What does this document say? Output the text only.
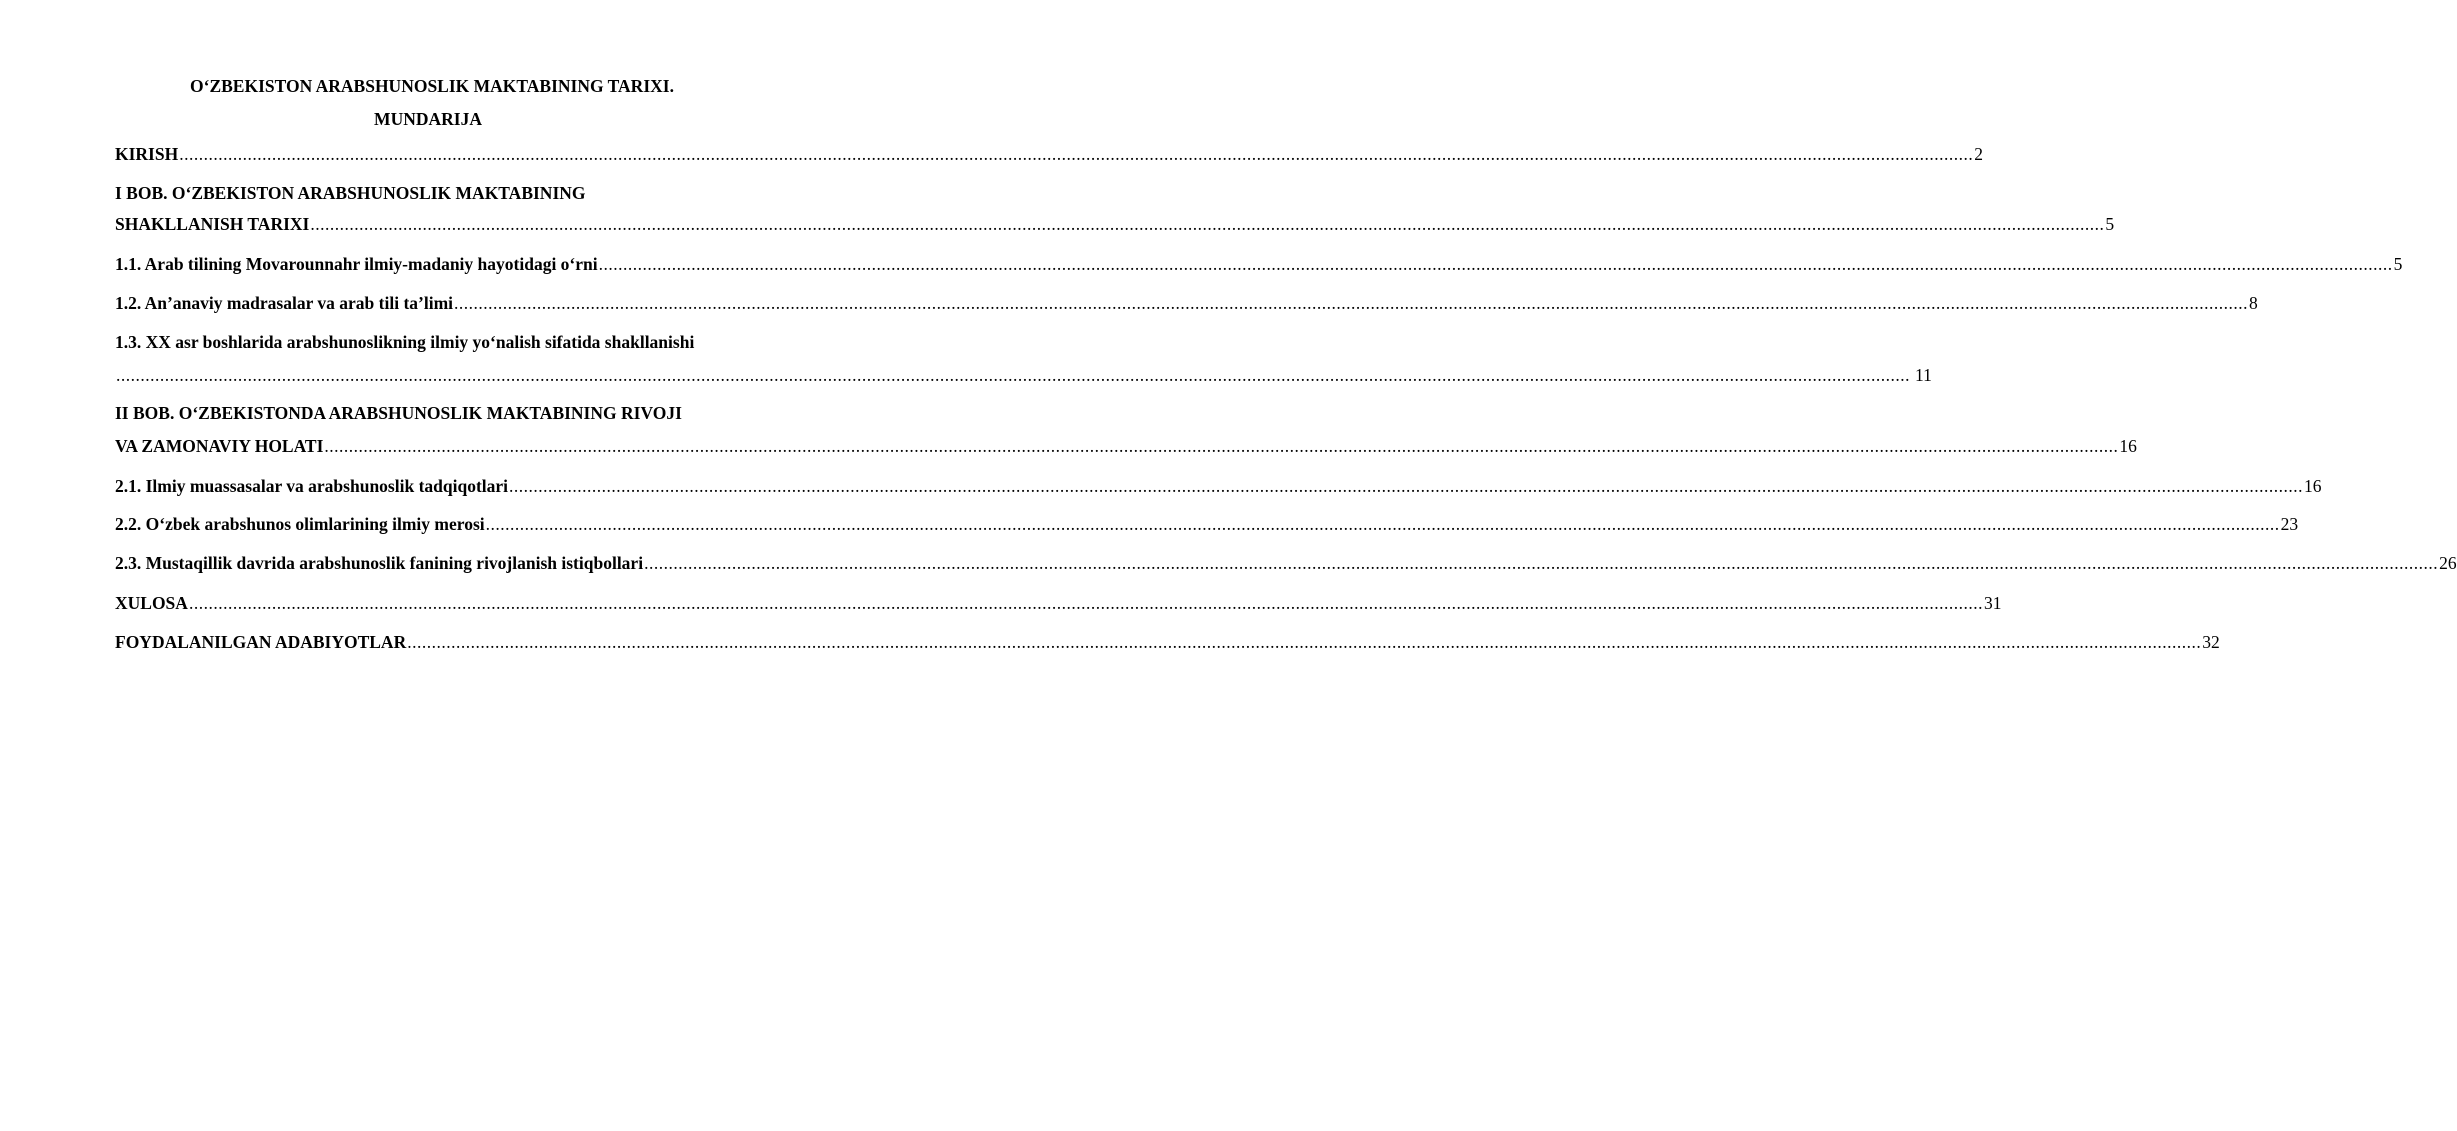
O‘ZBEKISTON ARABSHUNOSLIK MAKTABINING TARIXI.
MUNDARIJA
KIRISH ................................................................................................................................................................................................................................................................................................................................................................................ 2
I BOB. O‘ZBEKISTON ARABSHUNOSLIK MAKTABINING
SHAKLLANISH TARIXI ................................................................................................................................................................................................................................................................................................................................................................................ 5
1.1. Arab tilining Movarounnahr ilmiy-madaniy hayotidagi o‘rni ................................................................................................................................................................................................................................................................................................................................................................................ 5
1.2. An’anaviy madrasalar va arab tili ta’limi ................................................................................................................................................................................................................................................................................................................................................................................ 8
1.3. XX asr boshlarida arabshunoslikning ilmiy yo‘nalish sifatida shakllanishi
................................................................................................................................................................................................................................................................................................................................................................................ 11
II BOB. O‘ZBEKISTONDA ARABSHUNOSLIK MAKTABINING RIVOJI
VA ZAMONAVIY HOLATI ................................................................................................................................................................................................................................................................................................................................................................................ 16
2.1. Ilmiy muassasalar va arabshunoslik tadqiqotlari ................................................................................................................................................................................................................................................................................................................................................................................ 16
2.2. O‘zbek arabshunos olimlarining ilmiy merosi ................................................................................................................................................................................................................................................................................................................................................................................ 23
2.3. Mustaqillik davrida arabshunoslik fanining rivojlanish istiqbollari ................................................................................................................................................................................................................................................................................................................................................................................ 26
XULOSA ................................................................................................................................................................................................................................................................................................................................................................................ 31
FOYDALANILGAN ADABIYOTLAR ................................................................................................................................................................................................................................................................................................................................................................................ 32
